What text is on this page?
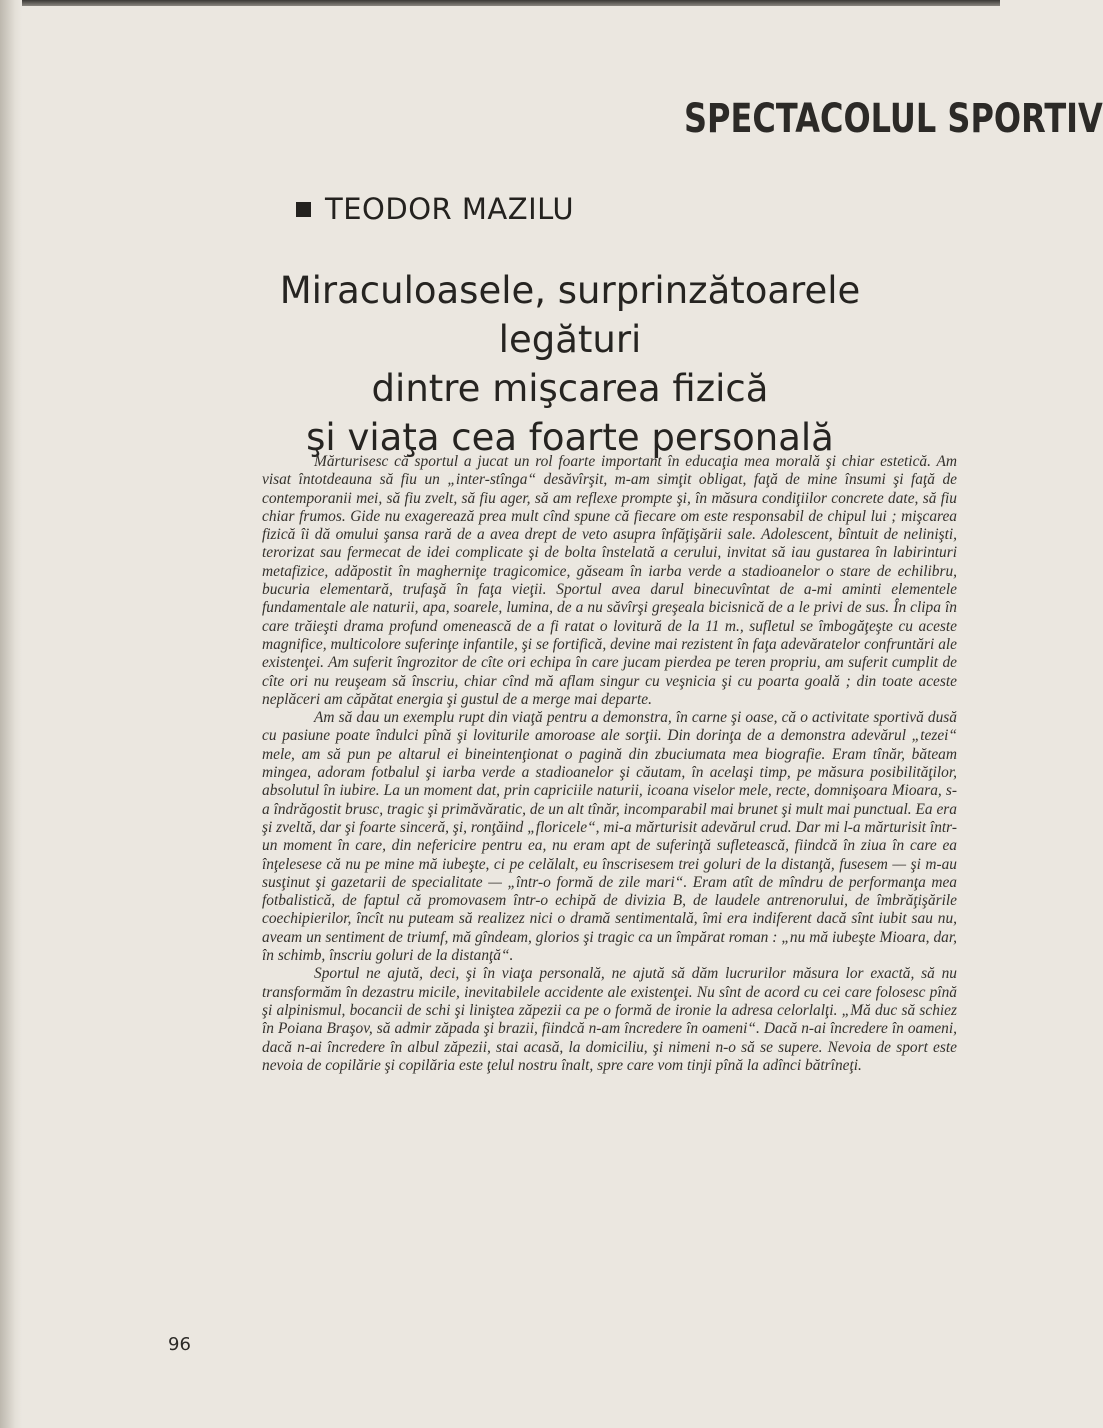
SPECTACOLUL SPORTIV
TEODOR MAZILU
Miraculoasele, surprinzătoarele legături
dintre mişcarea fizică
şi viaţa cea foarte personală

Mărturisesc că sportul a jucat un rol foarte important în educaţia mea morală şi chiar estetică. Am visat întotdeauna să fiu un „inter-stînga“ desăvîrşit, m-am simţit obligat, faţă de mine însumi şi faţă de contemporanii mei, să fiu zvelt, să fiu ager, să am reflexe prompte şi, în măsura condiţiilor concrete date, să fiu chiar frumos. Gide nu exagerează prea mult cînd spune că fiecare om este responsabil de chipul lui ; mişcarea fizică îi dă omului şansa rară de a avea drept de veto asupra înfăţişării sale. Adolescent, bîntuit de nelinişti, terorizat sau fermecat de idei complicate şi de bolta înstelată a cerului, invitat să iau gustarea în labirinturi metafizice, adăpostit în magherniţe tragicomice, găseam în iarba verde a stadioanelor o stare de echilibru, bucuria elementară, trufaşă în faţa vieţii. Sportul avea darul binecuvîntat de a-mi aminti elementele fundamentale ale naturii, apa, soarele, lumina, de a nu săvîrşi greşeala bicisnică de a le privi de sus. În clipa în care trăieşti drama profund omenească de a fi ratat o lovitură de la 11 m., sufletul se îmbogăţeşte cu aceste magnifice, multicolore suferinţe infantile, şi se fortifică, devine mai rezistent în faţa adevăratelor confruntări ale existenţei. Am suferit îngrozitor de cîte ori echipa în care jucam pierdea pe teren propriu, am suferit cumplit de cîte ori nu reuşeam să înscriu, chiar cînd mă aflam singur cu veşnicia şi cu poarta goală ; din toate aceste neplăceri am căpătat energia şi gustul de a merge mai departe.

Am să dau un exemplu rupt din viaţă pentru a demonstra, în carne şi oase, că o activitate sportivă dusă cu pasiune poate îndulci pînă şi loviturile amoroase ale sorţii. Din dorinţa de a demonstra adevărul „tezei“ mele, am să pun pe altarul ei binеintenţionat o pagină din zbuciumata mea biografie. Eram tînăr, băteam mingea, adoram fotbalul şi iarba verde a stadioanelor şi căutam, în acelaşi timp, pe măsura posibilităţilor, absolutul în iubire. La un moment dat, prin capriciile naturii, icoana viselor mele, recte, domnişoara Mioara, s-a îndrăgostit brusc, tragic şi primăvăratic, de un alt tînăr, incomparabil mai brunet şi mult mai punctual. Ea era şi zveltă, dar şi foarte sinceră, şi, ronţăind „floricele“, mi-a mărturisit adevărul crud. Dar mi l-a mărturisit într-un moment în care, din nefericire pentru ea, nu eram apt de suferinţă sufletească, fiindcă în ziua în care ea înţelesese că nu pe mine mă iubeşte, ci pe celălalt, eu înscrisesem trei goluri de la distanţă, fusesem — şi m-au susţinut şi gazetarii de specialitate — „într-o formă de zile mari“. Eram atît de mîndru de performanţa mea fotbalistică, de faptul că promovasem într-o echipă de divizia B, de laudele antrenorului, de îmbrăţişările coechipierilor, încît nu puteam să realizez nici o dramă sentimentală, îmi era indiferent dacă sînt iubit sau nu, aveam un sentiment de triumf, mă gîndeam, glorios şi tragic ca un împărat roman : „nu mă iubeşte Mioara, dar, în schimb, înscriu goluri de la distanţă“.

Sportul ne ajută, deci, şi în viaţa personală, ne ajută să dăm lucrurilor măsura lor exactă, să nu transformăm în dezastru micile, inevitabilele accidente ale existenţei. Nu sînt de acord cu cei care folosesc pînă şi alpinismul, bocancii de schi şi liniştea zăpezii ca pe o formă de ironie la adresa celorlalţi. „Mă duc să schiez în Poiana Braşov, să admir zăpada şi brazii, fiindcă n-am încredere în oameni“. Dacă n-ai încredere în oameni, dacă n-ai încredere în albul zăpezii, stai acasă, la domiciliu, şi nimeni n-o să se supere. Nevoia de sport este nevoia de copilărie şi copilăria este ţelul nostru înalt, spre care vom tinji pînă la adînci bătrîneţi.

96
